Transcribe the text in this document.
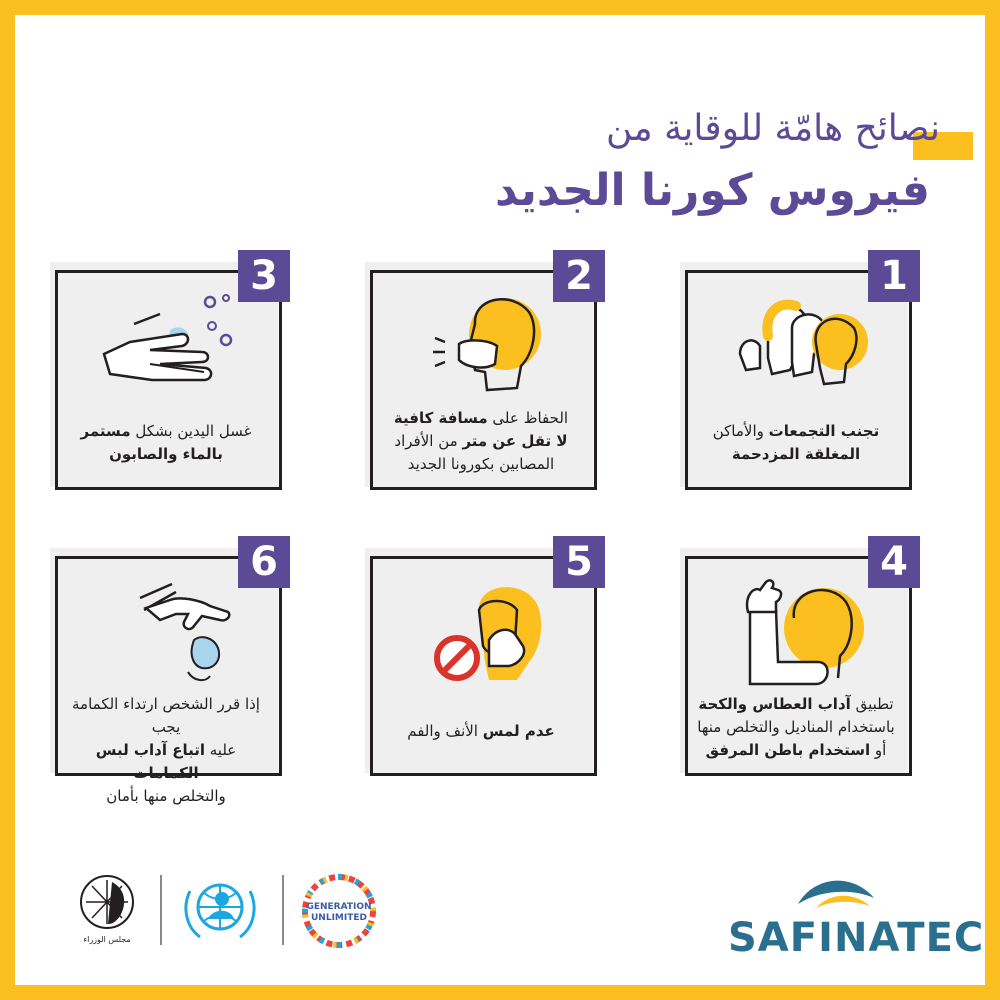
نصائح هامّة للوقاية من
فيروس كورنا الجديد
1
تجنب التجمعات والأماكن
المغلقة المزدحمة
2
الحفاظ على مسافة كافية
لا تقل عن متر من الأفراد
المصابين بكورونا الجديد
3
غسل اليدين بشكل مستمر
بالماء والصابون
4
تطبيق آداب العطاس والكحة
باستخدام المناديل والتخلص منها
أو استخدام باطن المرفق
5
عدم لمس الأنف والفم
6
إذا قرر الشخص ارتداء الكمامة يجب
عليه اتباع آداب لبس الكمامات
والتخلص منها بأمان
مجلس الوزراء
GENERATION
UNLIMITED	SAFINATEC
